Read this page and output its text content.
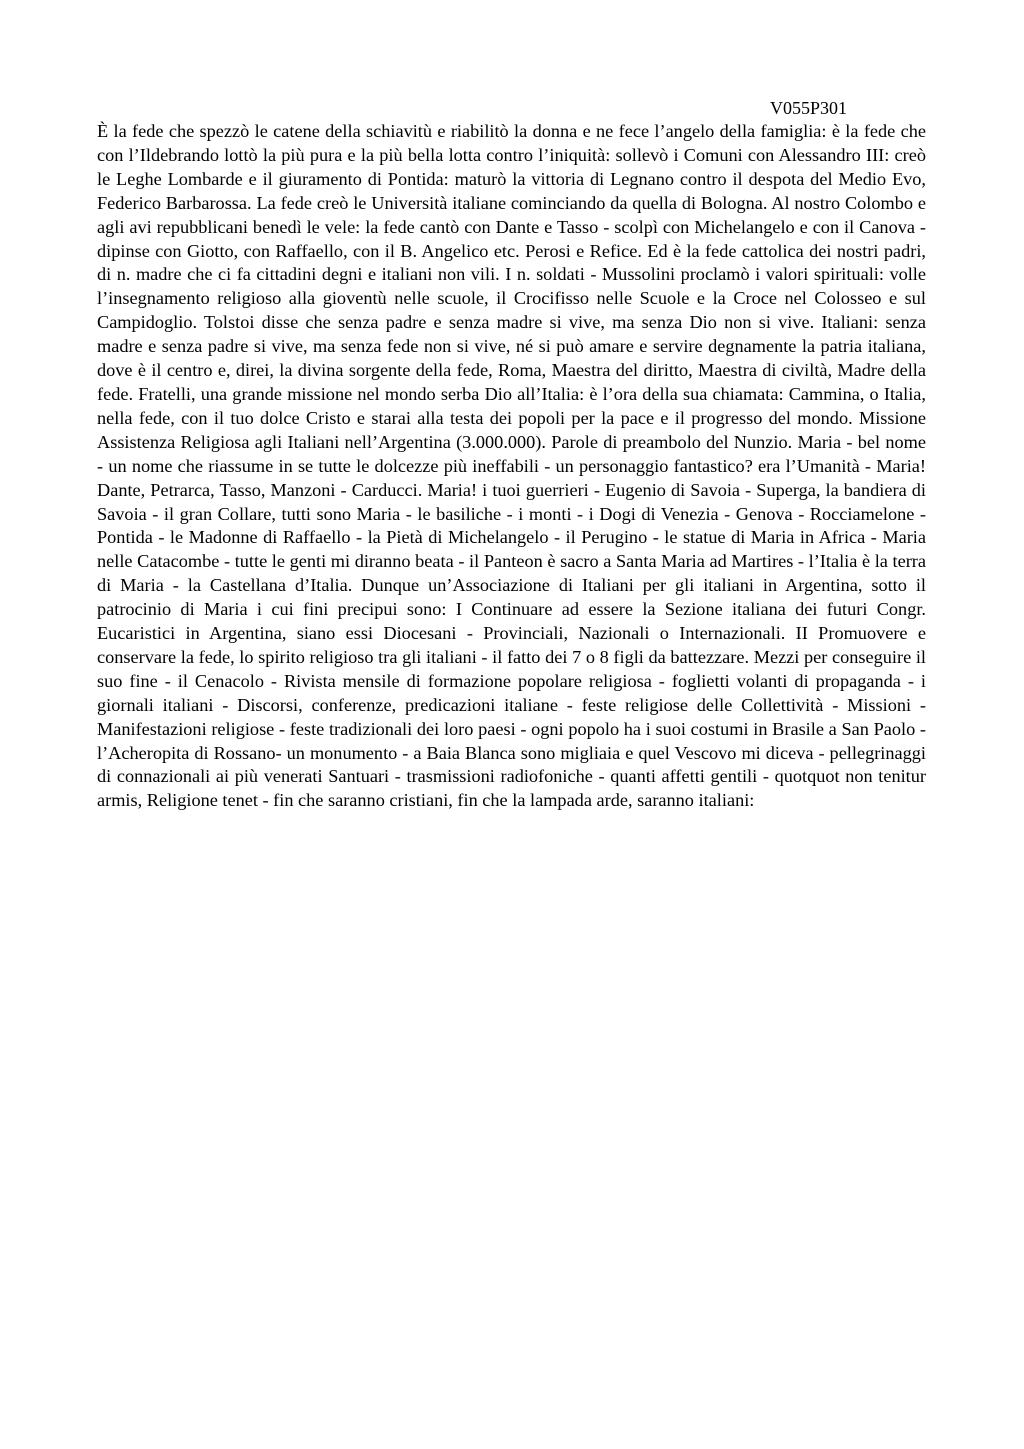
V055P301

È la fede che spezzò le catene della schiavitù e riabilitò la donna e ne fece l’angelo della famiglia: è la fede che con l’Ildebrando lottò la più pura e la più bella lotta contro l’iniquità: sollevò i Comuni con Alessandro III: creò le Leghe Lombarde e il giuramento di Pontida: maturò la vittoria di Legnano contro il despota del Medio Evo, Federico Barbarossa. La fede creò le Università italiane cominciando da quella di Bologna. Al nostro Colombo e agli avi repubblicani benedì le vele: la fede cantò con Dante e Tasso - scolpì con Michelangelo e con il Canova - dipinse con Giotto, con Raffaello, con il B. Angelico etc. Perosi e Refice. Ed è la fede cattolica dei nostri padri, di n. madre che ci fa cittadini degni e italiani non vili. I n. soldati - Mussolini proclamò i valori spirituali: volle l’insegnamento religioso alla gioventù nelle scuole, il Crocifisso nelle Scuole e la Croce nel Colosseo e sul Campidoglio. Tolstoi disse che senza padre e senza madre si vive, ma senza Dio non si vive. Italiani: senza madre e senza padre si vive, ma senza fede non si vive, né si può amare e servire degnamente la patria italiana, dove è il centro e, direi, la divina sorgente della fede, Roma, Maestra del diritto, Maestra di civiltà, Madre della fede. Fratelli, una grande missione nel mondo serba Dio all’Italia: è l’ora della sua chiamata: Cammina, o Italia, nella fede, con il tuo dolce Cristo e starai alla testa dei popoli per la pace e il progresso del mondo. Missione Assistenza Religiosa agli Italiani nell’Argentina (3.000.000). Parole di preambolo del Nunzio. Maria - bel nome - un nome che riassume in se tutte le dolcezze più ineffabili - un personaggio fantastico? era l’Umanità - Maria! Dante, Petrarca, Tasso, Manzoni - Carducci. Maria! i tuoi guerrieri - Eugenio di Savoia - Superga, la bandiera di Savoia - il gran Collare, tutti sono Maria - le basiliche - i monti - i Dogi di Venezia - Genova - Rocciamelone - Pontida - le Madonne di Raffaello - la Pietà di Michelangelo - il Perugino - le statue di Maria in Africa - Maria nelle Catacombe - tutte le genti mi diranno beata - il Panteon è sacro a Santa Maria ad Martires - l’Italia è la terra di Maria - la Castellana d’Italia. Dunque un’Associazione di Italiani per gli italiani in Argentina, sotto il patrocinio di Maria i cui fini precipui sono: I Continuare ad essere la Sezione italiana dei futuri Congr. Eucaristici in Argentina, siano essi Diocesani - Provinciali, Nazionali o Internazionali. II Promuovere e conservare la fede, lo spirito religioso tra gli italiani - il fatto dei 7 o 8 figli da battezzare. Mezzi per conseguire il suo fine - il Cenacolo - Rivista mensile di formazione popolare religiosa - foglietti volanti di propaganda - i giornali italiani - Discorsi, conferenze, predicazioni italiane - feste religiose delle Collettività - Missioni - Manifestazioni religiose - feste tradizionali dei loro paesi - ogni popolo ha i suoi costumi in Brasile a San Paolo - l’Acheropita di Rossano- un monumento - a Baia Blanca sono migliaia e quel Vescovo mi diceva - pellegrinaggi di connazionali ai più venerati Santuari - trasmissioni radiofoniche - quanti affetti gentili - quotquot non tenitur armis, Religione tenet - fin che saranno cristiani, fin che la lampada arde, saranno italiani:
